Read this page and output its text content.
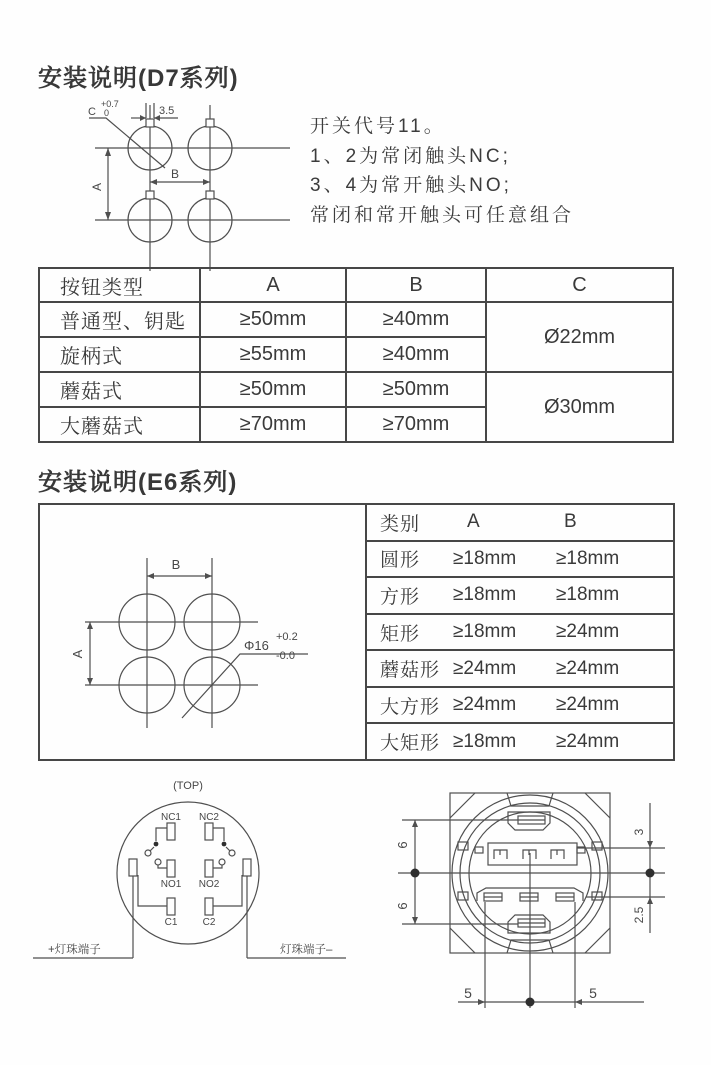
安装说明(D7系列)
C
+0.7
0	3.5
A
B
开关代号11。
1、2为常闭触头NC;
3、4为常开触头NO;
常闭和常开触头可任意组合
按钮类型	A	B	C
普通型、钥匙	≥50mm	≥40mm	Ø22mm
旋柄式	≥55mm	≥40mm	
蘑菇式	≥50mm	≥50mm	Ø30mm
大蘑菇式	≥70mm	≥70mm	
安装说明(E6系列)
类别	A	B
圆形	≥18mm	≥18mm
方形	≥18mm	≥18mm
矩形	≥18mm	≥24mm
蘑菇形 ≥24mm	≥24mm
大方形 ≥24mm	≥24mm
大矩形 ≥18mm	≥24mm
B
A
Φ16
+0.2
-0.0
(TOP)
NC1 NC2
NO1 NO2
C1	C2
+灯珠端子	灯珠端子–
6
6
3
2.5
5	5
